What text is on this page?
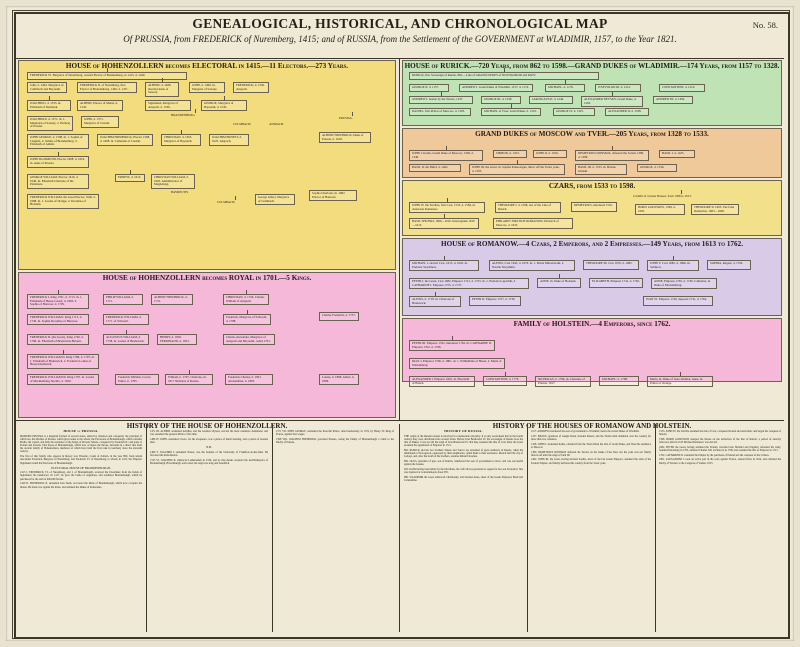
GENEALOGICAL, HISTORICAL, AND CHRONOLOGICAL MAP
Of PRUSSIA, from FREDERICK of Nuremberg, 1415; and of RUSSIA, from the Settlement of the GOVERNMENT at WLADIMIR, 1157, to the Year 1821.
No. 58.
HOUSE of HOHENZOLLERN becomes ELECTORAL in 1415.—11 Electors.—273 Years.
FREDERICK VI. Burgrave of Nuremberg, created Elector of Brandenburg, in 1415, d. 1440.
John, d. 1464. Margrave of Culmbach and Bayreuth.
FREDERICK II. of Nuremberg, first Elector of Brandenburg, 1440, d. 1471.
ALBERT, d. 1486. married Anne of Saxony.
JOHN, d. 1499. m. Margaret of Saxony.
FREDERICK, d. 1536. Anspach.
JOACHIM I. d. 1535. m. Elizabeth of Denmark.
ALBERT, Elector of Mentz, d. 1545.
Sigismund, Margrave of Anspach, d. 1536.
GEORGE, Margrave of Bayreuth, d. 1543.
JOACHIM II. d. 1571. m. 1. Magdalen of Saxony, 2. Hedwig of Poland.
JOHN, d. 1571. Margrave of Custrin.
BRANDENBURG.
CULMBACH.	ANSPACH.
PRUSSIA.
JOHN GEORGE, d. 1598. m. 1. Sophia of Liegnitz, 2. Sabina of Brandenburg, 3. Elizabeth of Anhalt.
JOACHIM FREDERICK, Elector 1598, d. 1608. m. Catherine of Custrin.
CHRISTIAN, d. 1655. Margrave of Bayreuth.
JOACHIM ERNEST, d. 1625. Anspach.
ALBERT FREDERICK, Duke of Prussia, d. 1618.
JOHN SIGISMUND, Elector 1608, d. 1619. m. Anne of Prussia.
GEORGE WILLIAM, Elector 1619, d. 1640. m. Elizabeth Charlotte of the Palatinate.
FREDERICK WILLIAM, the Great Elector, 1640, d. 1688. m. 1. Louisa of Orange, 2. Dorothea of Holstein.
ERNEST, d. 1613.	CHRISTIAN WILLIAM, d. 1665. Administrator of Magdeburg.
BAYREUTH.
CULMBACH.
George Albert, Margrave of Culmbach.
Sophia Charlotte, m. 1684 Elector of Hanover.
HOUSE of HOHENZOLLERN becomes ROYAL in 1701.—5 Kings.
FREDERICK I. King 1701, d. 1713. m. 1. Elizabeth of Hesse-Cassel, d. 1683, 2. Sophia of Hanover, d. 1705.
PHILIP WILLIAM, d. 1711.
ALBERT FREDERICK, d. 1731.
CHRISTIAN, d. 1726. Charles William of Anspach.
FREDERICK WILLIAM I. King 1713, d. 1740. m. Sophia Dorothea of Hanover.
FREDERICK WILLIAM, d. 1771. of Schwedt.
Frederick, Margrave of Schwedt, d. 1788.
Charles Frederick, d. 1757.
FREDERICK II. (the Great), King 1740, d. 1786. m. Elizabeth of Brunswick-Bevern.
AUGUSTUS WILLIAM, d. 1758. m. Louisa of Brunswick.
HENRY, d. 1802. FERDINAND, d. 1813.
Charles Alexander, Margrave of Anspach and Bayreuth, ceded 1791.
FREDERICK WILLIAM II. King 1786, d. 1797. m. 1. Elizabeth of Brunswick, 2. Frederica Louisa of Hesse-Darmstadt.
FREDERICK WILLIAM III. King 1797. m. Louisa of Mecklenburg-Strelitz, d. 1810.
Frederick William, Crown Prince, b. 1795.
William, b. 1797. Charlotte, m. 1817 Nicholas of Russia.
Frederick Charles, b. 1801. Alexandrina, b. 1803.
Louisa, b. 1808. Albert, b. 1809.
HOUSE of RURICK.—720 Years, from 862 to 1598.—GRAND DUKES of WLADIMIR.—174 Years, from 1157 to 1328.
RURICK, first Sovereign of Russia, 862.—Line of GRAND DUKES of NOVOGOROD and KIOV.
GEORGE II. d. 1157.	ANDREW I. Grand Duke of Wladimir, 1157, d. 1174.	MICHAEL, d. 1176.	WSEVOLOD III. d. 1212.	CONSTANTINE, d. 1219.
ANDREW I. beaten by the Tartars, 1237.	GEORGE III. d. 1238.	JAROSLAUS II. d. 1246.	ALEXANDER NEVSKY, Grand Duke, d. 1263.
ANDREW III. d. 1304.
DANIEL, first Prince of Moscow, d. 1303.	MICHAEL of Twer, Grand Duke, d. 1319.	GEORGE IV. d. 1325.	ALEXANDER II. d. 1338.
GRAND DUKES of MOSCOW and TVER.—205 Years, from 1328 to 1533.
JOHN I. Kalita, Grand Duke of Moscow, 1328, d. 1340.
SIMEON, d. 1353.	JOHN II. d. 1359.	DEMETRIUS DONSKOI, defeated the Tartars 1380, d. 1389.
BASIL I. d. 1425.
BASIL II. the Blind, d. 1462.	JOHN III. the Great, m. Sophia Palaeologus, threw off the Tartar yoke, d. 1505.
BASIL III. d. 1533. m. Helena Glinski.
GEORGE, d. 1536.
CZARS, from 1533 to 1598.
JOHN IV. the Terrible, first Czar, 1533, d. 1584. m. Anastasia Romanow.
THEODORE I. d. 1598, last of the Line of Rurick.
DEMETRIUS, murdered 1591.
CZARS of various Houses, from 1598 to 1613.
BORIS GODUNOW, 1598, d. 1605.
THEODORE II. 1605. The false Demetrius, 1605—1606.
BASIL SHUISKI, 1606—1610. Interregnum 1610—1613.
PHILARET NIKITICH ROMANOW, Patriarch of Moscow, d. 1633.
HOUSE of ROMANOW.—4 Czars, 2 Emperors, and 2 Empresses.—149 Years, from 1613 to 1762.
MICHAEL I. elected Czar, 1613, d. 1645. m. Eudoxia Strechnew.
ALEXIS, Czar 1645, d. 1676. m. 1. Maria Miloslawski, 2. Natalia Naryshkin.
THEODORE III. Czar 1676, d. 1682.	JOHN V. Czar 1682, d. 1696. m. Saltikow.
SOPHIA, Regent, d. 1704.
PETER I. the Great, Czar 1682, Emperor 1721, d. 1725. m. 1. Eudoxia Lapuchin, 2. CATHARINE I. Empress 1725, d. 1727.
ANNE, m. Duke of Holstein.	ELIZABETH, Empress 1741, d. 1762.	ANNE, Empress 1730, d. 1740. Catharine, m. Duke of Mecklenburg.
ALEXIS, d. 1718. m. Charlotte of Brunswick.
PETER II. Emperor 1727, d. 1730.	IVAN VI. Emperor 1740, deposed 1741, d. 1764.
FAMILY of HOLSTEIN.—4 Emperors, since 1762.
PETER III. Emperor 1762, murdered 1762. m. CATHARINE II. Empress 1762, d. 1796.
PAUL I. Emperor 1796, d. 1801. m. 1. Wilhelmina of Hesse, 2. Maria of Wurtemberg.
ALEXANDER I. Emperor 1801. m. Elizabeth of Baden.
CONSTANTINE, b. 1779.	NICHOLAS, b. 1796. m. Charlotte of Prussia, 1817.
MICHAEL, b. 1798.	Maria, m. Duke of Saxe-Weimar. Anne, m. Prince of Orange.
HISTORY OF THE HOUSE OF HOHENZOLLERN.	HISTORY OF THE HOUSES OF ROMANOW AND HOLSTEIN.
HOUSE of PRUSSIA.

MODERN PRUSSIA is a kingdom formed of several states, united by alliances and conquests; the principal of which are, the Duchies of Prussia, which gives name to the whole; the Electorate of Brandenburgh, which contains Berlin, the capital, and fully the residence of the Kings of Prussia; Silesia, conquered by Frederick II.; and parts of Poland and Saxony. This house of Brandenburgh, which now occupies the throne, descends in a direct line from the ancient family of Hohenzollern, members of which have held the first rank in Germany since the eleventh century.

The first of that family who appears in history was Thassilo, Count of Zollern, in the year 800, from whom descended Frederick, Burgrave of Nuremberg; and Frederick VI. of Nuremberg, to whom, in 1415, the Emperor Sigismund ceded the Electorate of Brandenburgh.

ELECTORAL HOUSE OF BRANDENBURGH.

1415 I. FREDERICK VI. of Nuremberg, and I. of Brandenburgh, received the Investiture from the hands of Sigismund, his benefactor. In 1417, he gave the battle of Argentaus, and retaliated Brandenburgh, which he purchased for the sum of 400,000 florins.

1440 II. FREDERICK II. surnamed Iron Teeth, recovered the Mark of Brandenburgh, which now occupies the throne. He made war against the Poles, and subdued the Dukes of Pomerania.

1471 III. ALBERT surnamed Achilles, and the German Ulysses, erected the most extensive dominions, and was esteemed the greatest Prince of his time.

1486 IV. JOHN, surnamed Cicero, for his eloquence, was a prince of much learning, and a patron of learned men.

N.B.

1499 V. JOACHIM I. surnamed Nestor, was the founder of the University of Frankfort-on-the-Oder. He favoured the Reformation.

1535 VI. JOACHIM II. embraced Lutheranism in 1539, and by that means acquired the Archbishoprics of Brandenburgh, Haverlsburgh, and Lebus; his reign was long and beneficial.

1571 VII. JOHN GEORGE, surnamed the Peaceful Prince, ruled moderately, in 1576, by Henry IV. King of France, against the League.

1598 VIII. JOACHIM FREDERICK governed Prussia, owing the family of Brandenburgh a claim to the Duchy of Prussia.

HISTORY OF RUSSIA.

THE origin of the Russian nation is involved in considerable obscurity. It is only ascertained that in the fourth century they were distributed into several tribes. Before Ivan Basilowitz IV. the sovereigns of Russia bore the title of Dukes; it was not till the reign of Ivan Basilowitz IV. that they assumed the title of Czar. Peter the Great assumed the appellation of Emperor in 1721.

862. RURICK and his two brothers Sineus and Truvor are esteemed of great authority in Russia, when the inhabitants of Novogorod, oppressed by their neighbours, called them to their assistance. Rurick built the city of Ladoga, and, after the death of his brothers, reunites himself absolute.

882. OLEG, guardian of Igor, son of Rurick, transferred the seat of government to Kiov, and was successful against the Greeks.

945. IGOR having been killed by the Drevlians, his wife OLGA governed as regent for her son Swatoslav. She was baptised at Constantinople about 955.

980. WLADIMIR the Great embraced Christianity, and married Anne, sister of the Greek Emperors Basil and Constantine.

1157. ANDREW transferred the seat of government to Wladimir; hence the Grand Dukes of Wladimir.

1237. BATOU, grandson of Gengis Khan, invaded Russia, and the Tartars held dominion over the country for more than two centuries.

1328. JOHN I. surnamed Kalita, obtained from the Tartar Khan the title of Grand Duke, and fixed his residence at Moscow.

1380. DEMETRIUS DONSKOI defeated the Tartars on the banks of the Don, but the yoke was not finally thrown off until the reign of John III.

1462. JOHN III. the Great, having married Sophia, niece of the last Greek Emperor, assumed the arms of the Eastern Empire, and finally delivered his country from the Tartar yoke.

1533. JOHN IV. the Terrible assumed the title of Czar, conquered Kazan and Astrachan, and began the conquest of Siberia.

1598. BORIS GODUNOW usurped the throne on the extinction of the line of Rurick; a period of anarchy followed, until in 1613 Michael Romanow was elected.

1682. PETER the Great, having subdued the Strelitz, travelled into Holland and England, reformed his army, founded Petersburg in 1703, defeated Charles XII. at Pultowa in 1709, and assumed the title of Emperor in 1721.

1762. CATHARINE II. extended the Empire by the partitions of Poland and the conquest of the Crimea.

1801. ALEXANDER I. took an active part in the wars against France, entered Paris in 1814, and obtained the Duchy of Warsaw at the Congress of Vienna, 1815.
